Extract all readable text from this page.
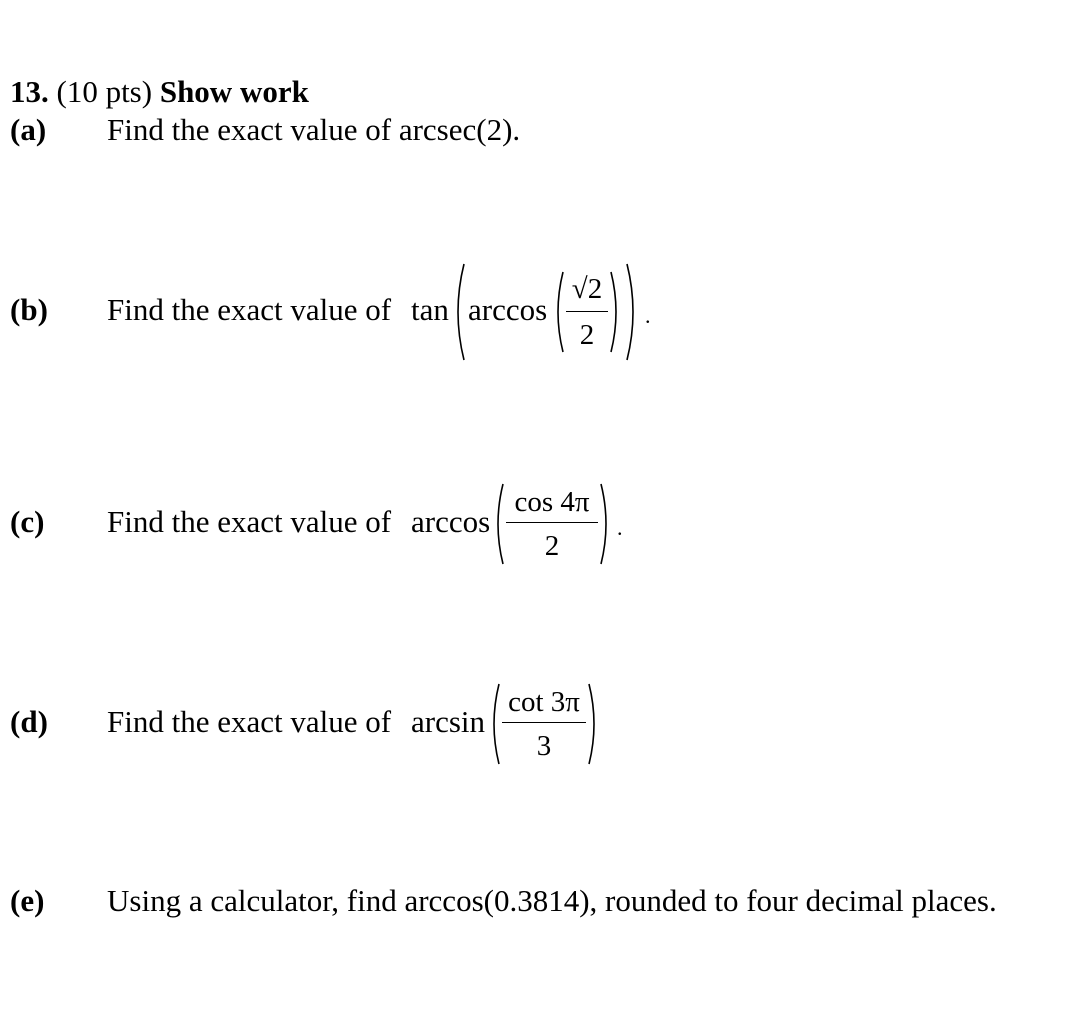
13. (10 pts) Show work
(a) Find the exact value of arcsec(2).
(b) Find the exact value of tan arccos
√2
2
.
(c) Find the exact value of arccos
cos 4π
2
.
(d) Find the exact value of arcsin
cot 3π
3
(e) Using a calculator, find arccos(0.3814), rounded to four decimal places.
